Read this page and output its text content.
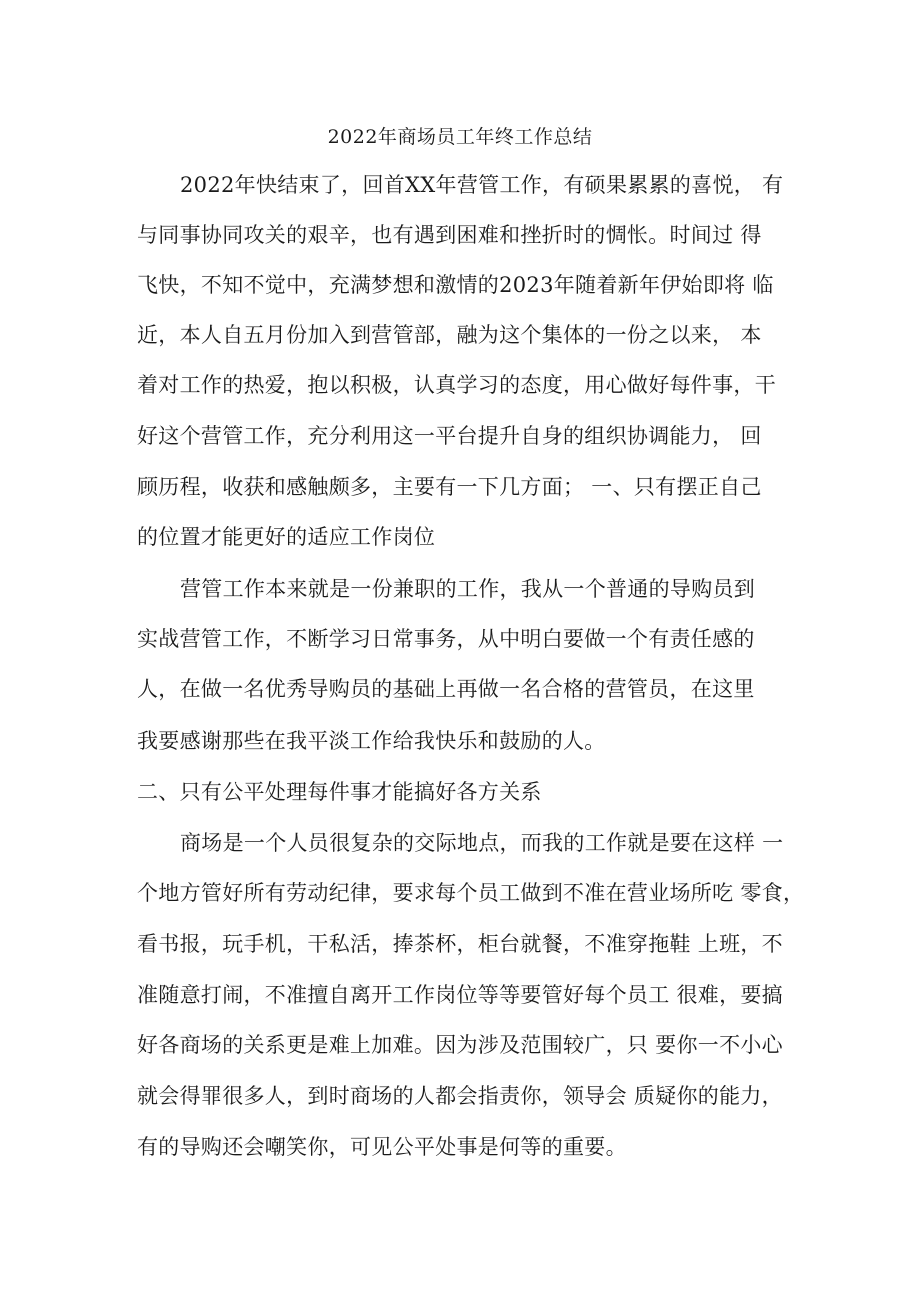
2022年商场员工年终工作总结
2022年快结束了，回首XX年营管工作，有硕果累累的喜悦， 有
与同事协同攻关的艰辛，也有遇到困难和挫折时的惆怅。时间过 得
飞快，不知不觉中，充满梦想和激情的2023年随着新年伊始即将 临
近，本人自五月份加入到营管部，融为这个集体的一份之以来， 本
着对工作的热爱，抱以积极，认真学习的态度，用心做好每件事，干
好这个营管工作，充分利用这一平台提升自身的组织协调能力， 回
顾历程，收获和感触颇多，主要有一下几方面； 一、只有摆正自己
的位置才能更好的适应工作岗位
营管工作本来就是一份兼职的工作，我从一个普通的导购员到
实战营管工作，不断学习日常事务，从中明白要做一个有责任感的
人，在做一名优秀导购员的基础上再做一名合格的营管员，在这里
我要感谢那些在我平淡工作给我快乐和鼓励的人。
二、只有公平处理每件事才能搞好各方关系
商场是一个人员很复杂的交际地点，而我的工作就是要在这样 一
个地方管好所有劳动纪律，要求每个员工做到不准在营业场所吃 零食，
看书报，玩手机，干私活，捧茶杯，柜台就餐，不准穿拖鞋 上班，不
准随意打闹，不准擅自离开工作岗位等等要管好每个员工 很难，要搞
好各商场的关系更是难上加难。因为涉及范围较广，只 要你一不小心
就会得罪很多人，到时商场的人都会指责你，领导会 质疑你的能力，
有的导购还会嘲笑你，可见公平处事是何等的重要。
